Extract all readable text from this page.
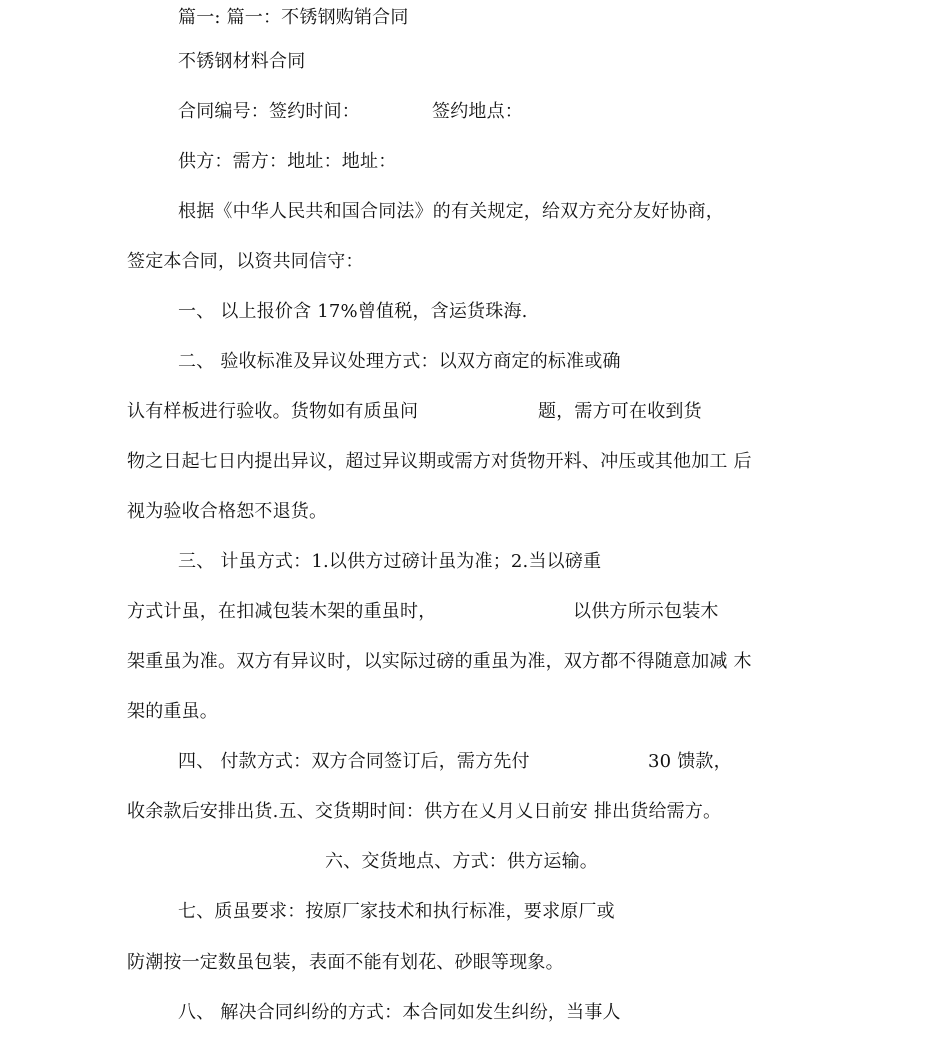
篇一: 篇一：不锈钢购销合同
不锈钢材料合同
合同编号：签约时间：	签约地点：
供方：需方：地址：地址：
根据《中华人民共和国合同法》的有关规定，给双方充分友好协商，
签定本合同，以资共同信守：
一、 以上报价含 17%曾值税，含运货珠海.
二、 验收标准及异议处理方式：以双方商定的标准或确
认有样板进行验收。货物如有质虽问	题，需方可在收到货
物之日起七日内提出异议，超过异议期或需方对货物开料、冲压或其他加工 后
视为验收合格恕不退货。
三、 计虽方式：1.以供方过磅计虽为准；2.当以磅重
方式计虽，在扣减包装木架的重虽时，	以供方所示包装木
架重虽为准。双方有异议时，以实际过磅的重虽为准，双方都不得随意加减 木
架的重虽。
四、 付款方式：双方合同签订后，需方先付	30 馈款，
收余款后安排出货.五、交货期时间：供方在乂月乂日前安 排出货给需方。
六、交货地点、方式：供方运输。
七、质虽要求：按原厂家技术和执行标准，要求原厂或
防潮按一定数虽包装，表面不能有划花、砂眼等现象。
八、 解决合同纠纷的方式：本合同如发生纠纷，当事人
